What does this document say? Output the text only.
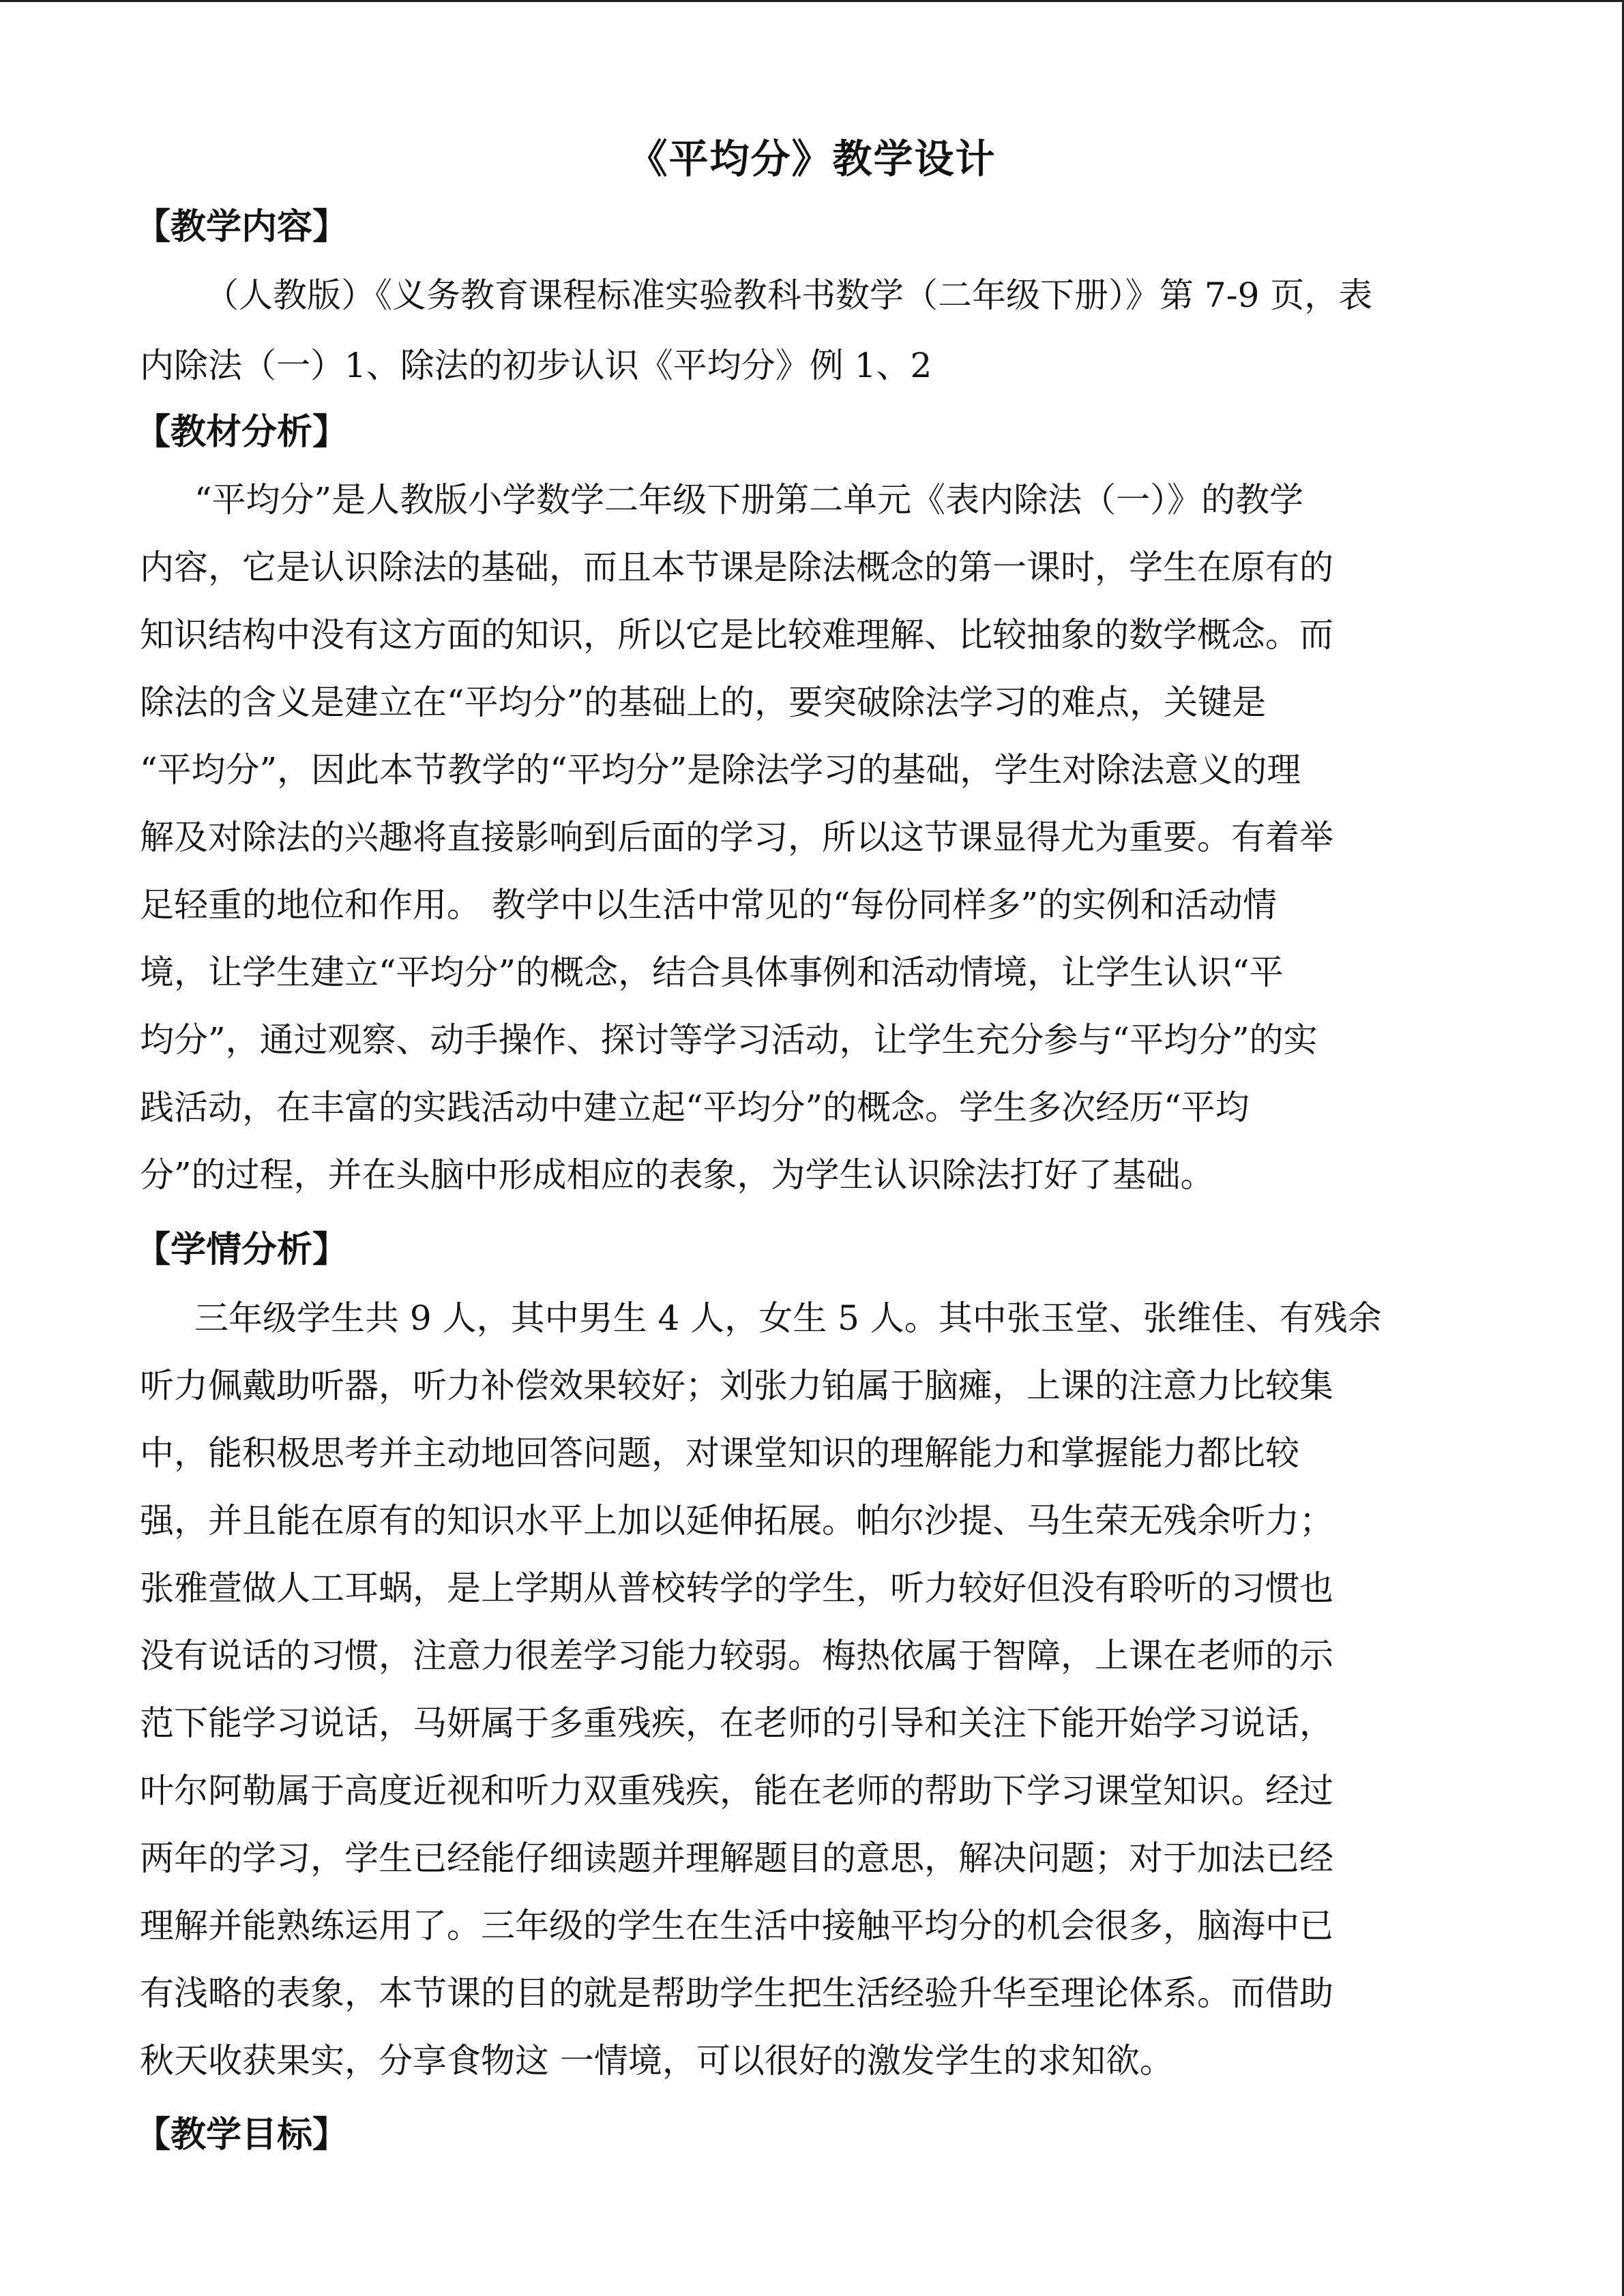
《平均分》教学设计
【教学内容】
（人教版）《义务教育课程标准实验教科书数学（二年级下册）》第 7-9 页，表
内除法（一）1、除法的初步认识《平均分》例 1、2
【教材分析】
“平均分”是人教版小学数学二年级下册第二单元《表内除法（一）》的教学
内容，它是认识除法的基础，而且本节课是除法概念的第一课时，学生在原有的
知识结构中没有这方面的知识，所以它是比较难理解、比较抽象的数学概念。而
除法的含义是建立在“平均分”的基础上的，要突破除法学习的难点，关键是
“平均分”，因此本节教学的“平均分”是除法学习的基础，学生对除法意义的理
解及对除法的兴趣将直接影响到后面的学习，所以这节课显得尤为重要。有着举
足轻重的地位和作用。 教学中以生活中常见的“每份同样多”的实例和活动情
境，让学生建立“平均分”的概念，结合具体事例和活动情境，让学生认识“平
均分”，通过观察、动手操作、探讨等学习活动，让学生充分参与“平均分”的实
践活动，在丰富的实践活动中建立起“平均分”的概念。学生多次经历“平均
分”的过程，并在头脑中形成相应的表象，为学生认识除法打好了基础。
【学情分析】
三年级学生共 9 人，其中男生 4 人，女生 5 人。其中张玉堂、张维佳、有残余
听力佩戴助听器，听力补偿效果较好；刘张力铂属于脑瘫，上课的注意力比较集
中，能积极思考并主动地回答问题，对课堂知识的理解能力和掌握能力都比较
强，并且能在原有的知识水平上加以延伸拓展。帕尔沙提、马生荣无残余听力；
张雅萱做人工耳蜗，是上学期从普校转学的学生，听力较好但没有聆听的习惯也
没有说话的习惯，注意力很差学习能力较弱。梅热依属于智障，上课在老师的示
范下能学习说话，马妍属于多重残疾，在老师的引导和关注下能开始学习说话，
叶尔阿勒属于高度近视和听力双重残疾，能在老师的帮助下学习课堂知识。经过
两年的学习，学生已经能仔细读题并理解题目的意思，解决问题；对于加法已经
理解并能熟练运用了。三年级的学生在生活中接触平均分的机会很多，脑海中已
有浅略的表象，本节课的目的就是帮助学生把生活经验升华至理论体系。而借助
秋天收获果实，分享食物这 一情境，可以很好的激发学生的求知欲。
【教学目标】
